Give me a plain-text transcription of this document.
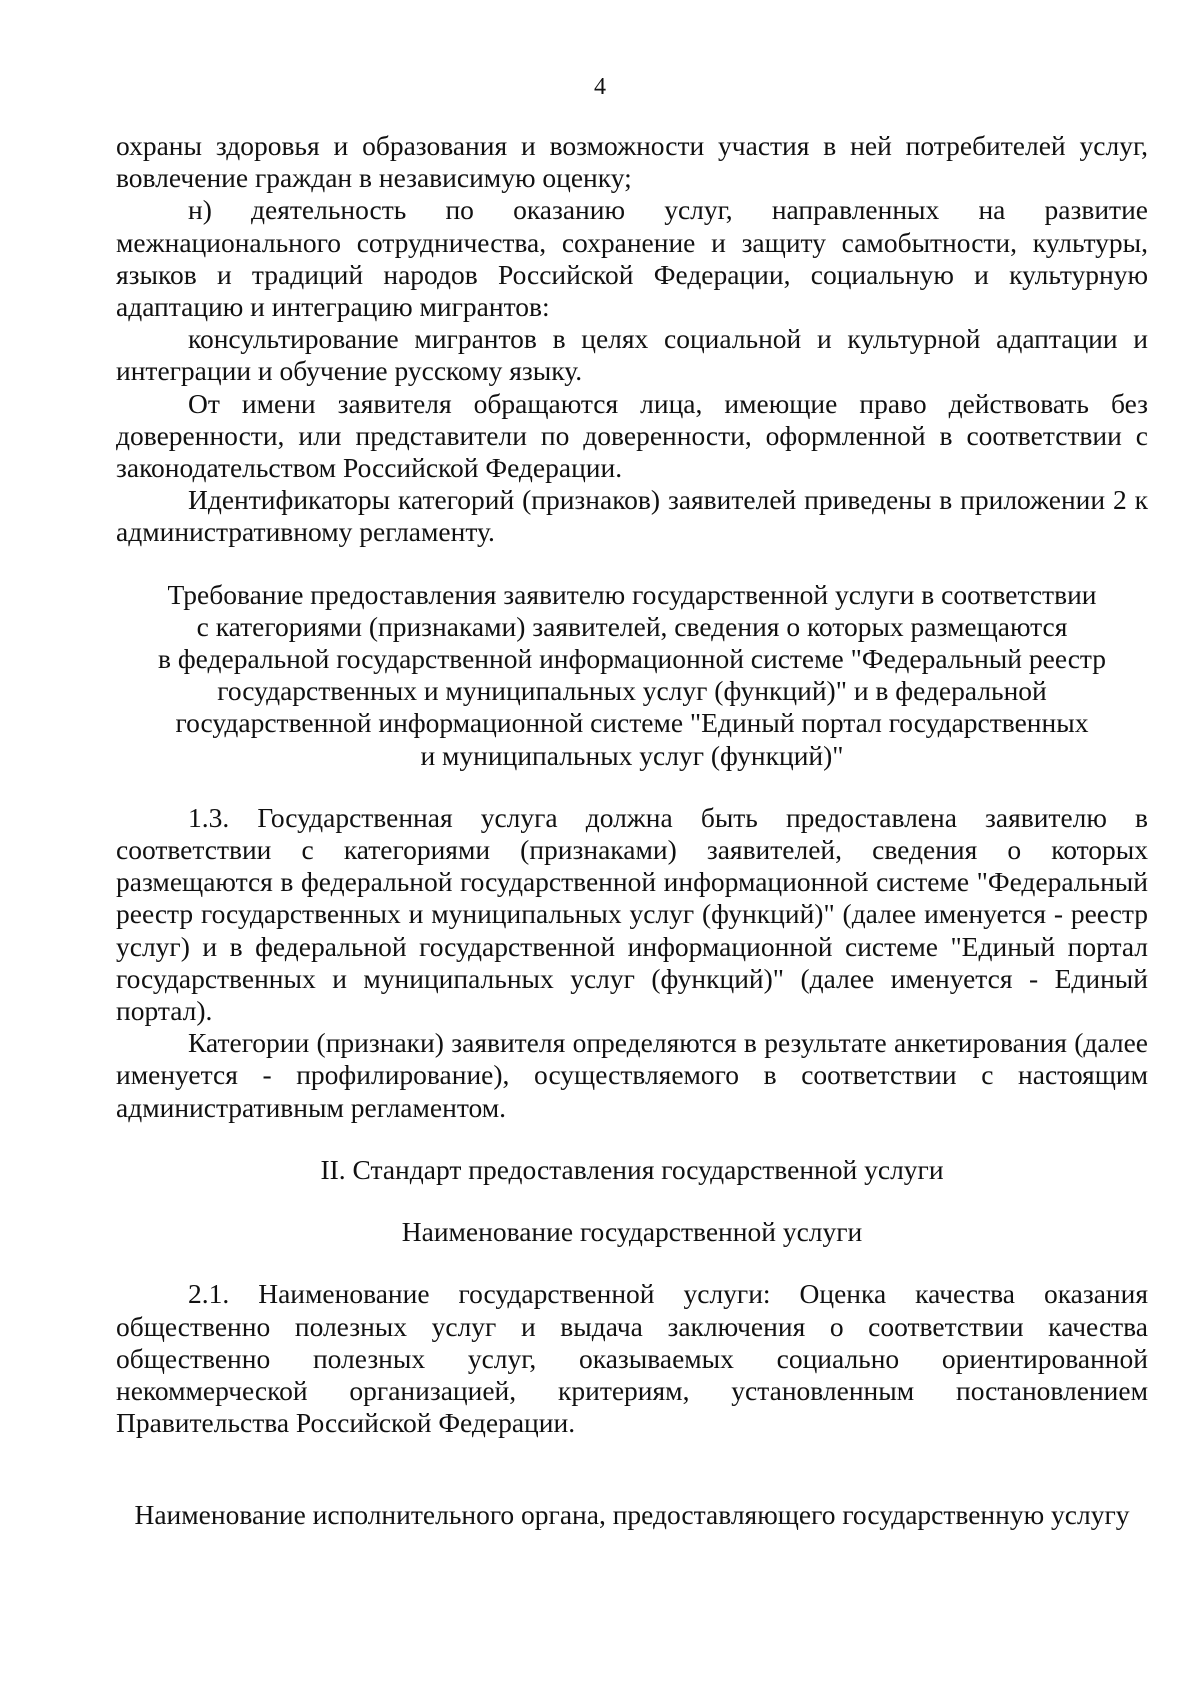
4

охраны здоровья и образования и возможности участия в ней потребителей услуг, вовлечение граждан в независимую оценку;

н) деятельность по оказанию услуг, направленных на развитие межнационального сотрудничества, сохранение и защиту самобытности, культуры, языков и традиций народов Российской Федерации, социальную и культурную адаптацию и интеграцию мигрантов:

консультирование мигрантов в целях социальной и культурной адаптации и интеграции и обучение русскому языку.

От имени заявителя обращаются лица, имеющие право действовать без доверенности, или представители по доверенности, оформленной в соответствии с законодательством Российской Федерации.

Идентификаторы категорий (признаков) заявителей приведены в приложении 2 к административному регламенту.

Требование предоставления заявителю государственной услуги в соответствии
с категориями (признаками) заявителей, сведения о которых размещаются
в федеральной государственной информационной системе "Федеральный реестр
государственных и муниципальных услуг (функций)" и в федеральной
государственной информационной системе "Единый портал государственных
и муниципальных услуг (функций)"

1.3. Государственная услуга должна быть предоставлена заявителю в соответствии с категориями (признаками) заявителей, сведения о которых размещаются в федеральной государственной информационной системе "Федеральный реестр государственных и муниципальных услуг (функций)" (далее именуется - реестр услуг) и в федеральной государственной информационной системе "Единый портал государственных и муниципальных услуг (функций)" (далее именуется - Единый портал).

Категории (признаки) заявителя определяются в результате анкетирования (далее именуется - профилирование), осуществляемого в соответствии с настоящим административным регламентом.

II. Стандарт предоставления государственной услуги
Наименование государственной услуги

2.1. Наименование государственной услуги: Оценка качества оказания общественно полезных услуг и выдача заключения о соответствии качества общественно полезных услуг, оказываемых социально ориентированной некоммерческой организацией, критериям, установленным постановлением Правительства Российской Федерации.

Наименование исполнительного органа, предоставляющего государственную услугу
